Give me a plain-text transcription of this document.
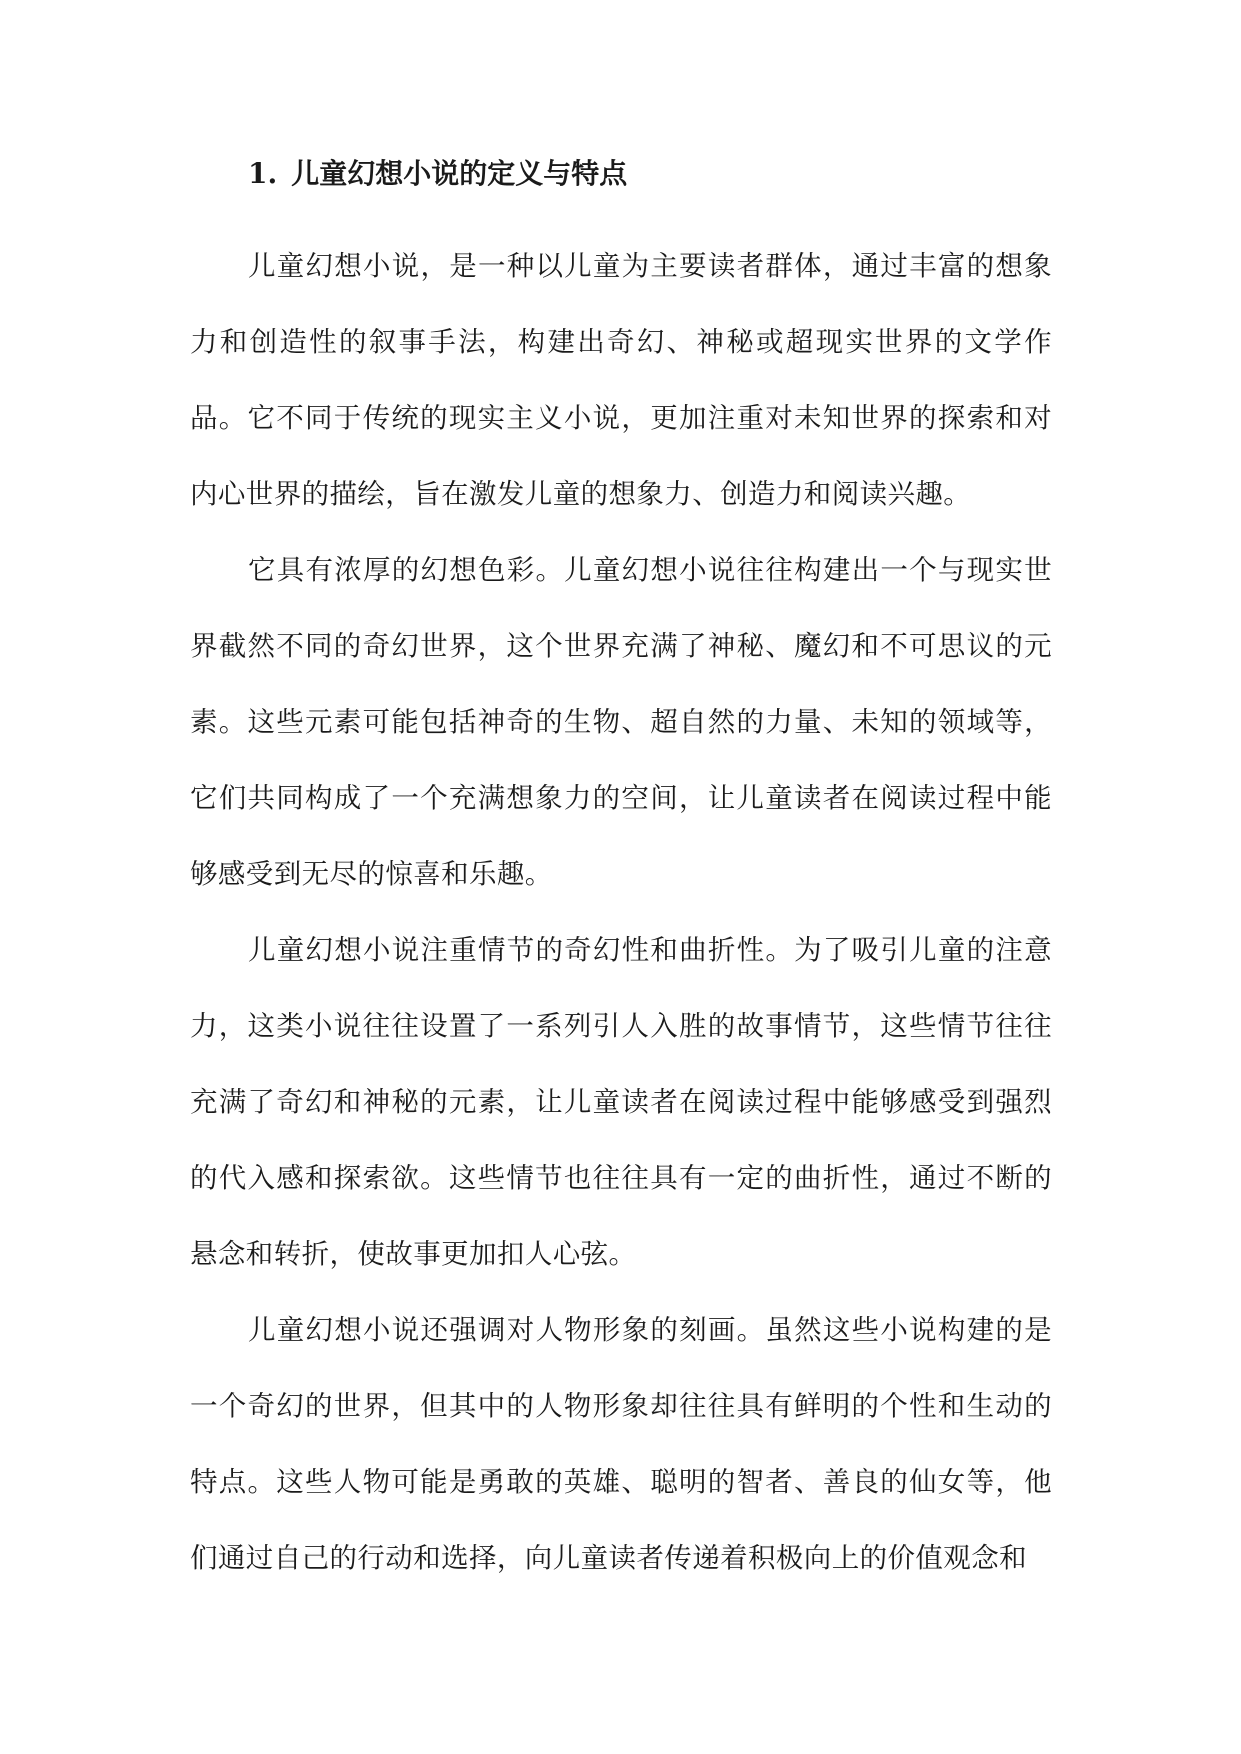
1. 儿童幻想小说的定义与特点

儿童幻想小说，是一种以儿童为主要读者群体，通过丰富的想象力和创造性的叙事手法，构建出奇幻、神秘或超现实世界的文学作品。它不同于传统的现实主义小说，更加注重对未知世界的探索和对内心世界的描绘，旨在激发儿童的想象力、创造力和阅读兴趣。

它具有浓厚的幻想色彩。儿童幻想小说往往构建出一个与现实世界截然不同的奇幻世界，这个世界充满了神秘、魔幻和不可思议的元素。这些元素可能包括神奇的生物、超自然的力量、未知的领域等，它们共同构成了一个充满想象力的空间，让儿童读者在阅读过程中能够感受到无尽的惊喜和乐趣。

儿童幻想小说注重情节的奇幻性和曲折性。为了吸引儿童的注意力，这类小说往往设置了一系列引人入胜的故事情节，这些情节往往充满了奇幻和神秘的元素，让儿童读者在阅读过程中能够感受到强烈的代入感和探索欲。这些情节也往往具有一定的曲折性，通过不断的悬念和转折，使故事更加扣人心弦。

儿童幻想小说还强调对人物形象的刻画。虽然这些小说构建的是一个奇幻的世界，但其中的人物形象却往往具有鲜明的个性和生动的特点。这些人物可能是勇敢的英雄、聪明的智者、善良的仙女等，他们通过自己的行动和选择，向儿童读者传递着积极向上的价值观念和
